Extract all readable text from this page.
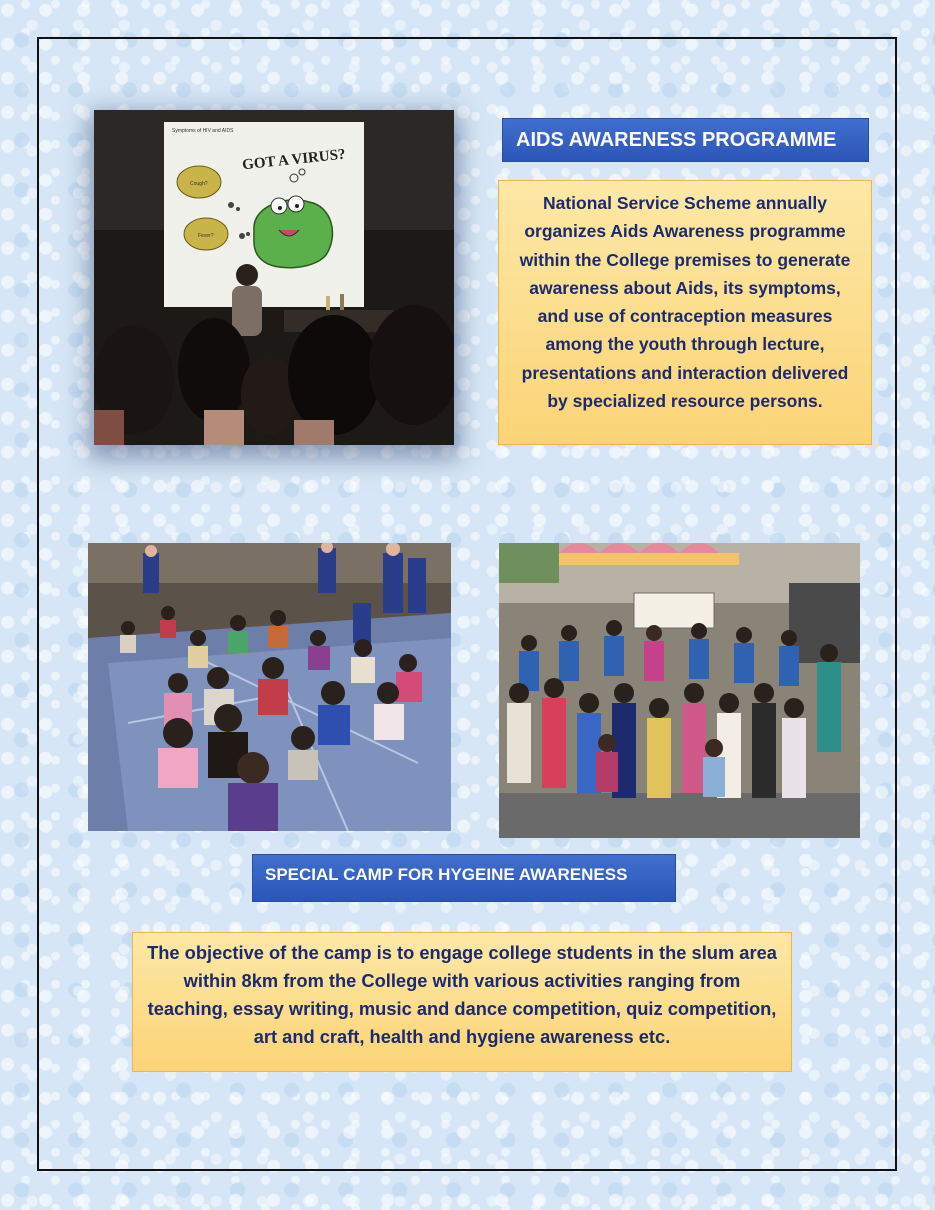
Symptoms of HIV and AIDS
GOT A VIRUS?
Cough?
Fever?
AIDS AWARENESS PROGRAMME
National Service Scheme annually organizes Aids Awareness programme within the College premises to generate awareness about Aids, its symptoms, and use of contraception measures among the youth through lecture, presentations and interaction delivered by specialized resource persons.
SPECIAL CAMP FOR HYGEINE AWARENESS
The objective of the camp is to engage college students in the slum area within 8km from the College with various activities ranging from teaching, essay writing, music and dance competition, quiz competition, art and craft, health and hygiene awareness etc.
